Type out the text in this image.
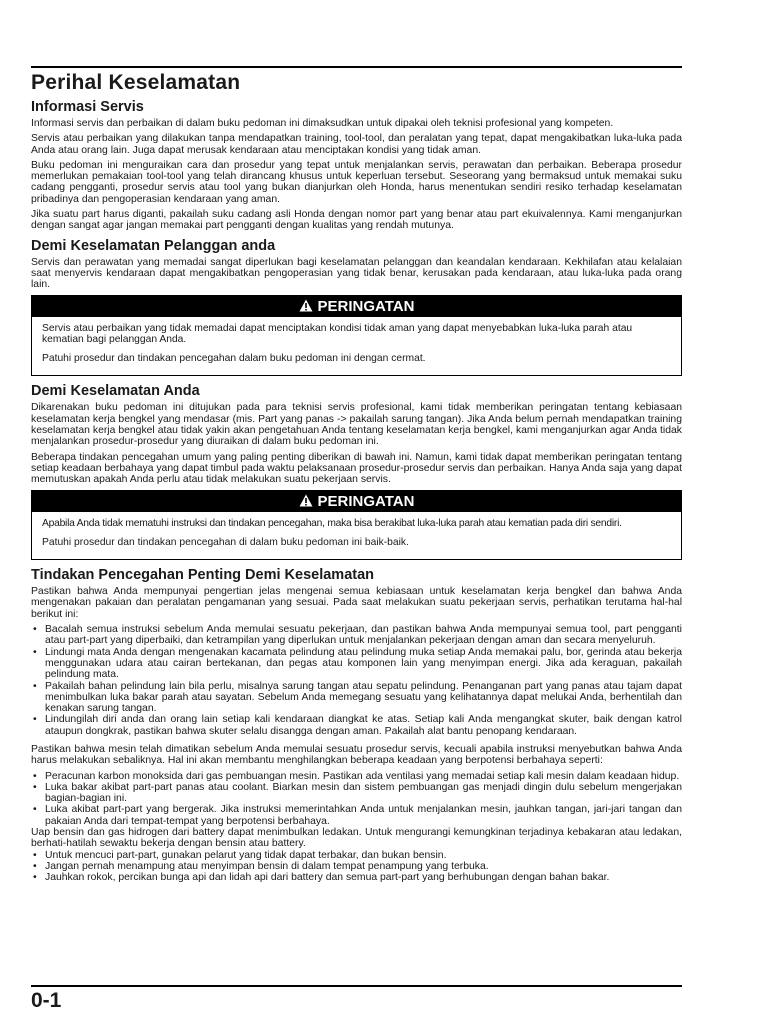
Perihal Keselamatan
Informasi Servis

Informasi servis dan perbaikan di dalam buku pedoman ini dimaksudkan untuk dipakai oleh teknisi profesional yang kompeten.

Servis atau perbaikan yang dilakukan tanpa mendapatkan training, tool-tool, dan peralatan yang tepat, dapat mengakibatkan luka-luka pada Anda atau orang lain. Juga dapat merusak kendaraan atau menciptakan kondisi yang tidak aman.

Buku pedoman ini menguraikan cara dan prosedur yang tepat untuk menjalankan servis, perawatan dan perbaikan. Beberapa prosedur memerlukan pemakaian tool-tool yang telah dirancang khusus untuk keperluan tersebut. Seseorang yang bermaksud untuk memakai suku cadang pengganti, prosedur servis atau tool yang bukan dianjurkan oleh Honda, harus menentukan sendiri resiko terhadap keselamatan pribadinya dan pengoperasian kendaraan yang aman.

Jika suatu part harus diganti, pakailah suku cadang asli Honda dengan nomor part yang benar atau part ekuivalennya. Kami menganjurkan dengan sangat agar jangan memakai part pengganti dengan kualitas yang rendah mutunya.

Demi Keselamatan Pelanggan anda

Servis dan perawatan yang memadai sangat diperlukan bagi keselamatan pelanggan dan keandalan kendaraan. Kekhilafan atau kelalaian saat menyervis kendaraan dapat mengakibatkan pengoperasian yang tidak benar, kerusakan pada kendaraan, atau luka-luka pada orang lain.

PERINGATAN

Servis atau perbaikan yang tidak memadai dapat menciptakan kondisi tidak aman yang dapat menyebabkan luka-luka parah atau kematian bagi pelanggan Anda.

Patuhi prosedur dan tindakan pencegahan dalam buku pedoman ini dengan cermat.

Demi Keselamatan Anda

Dikarenakan buku pedoman ini ditujukan pada para teknisi servis profesional, kami tidak memberikan peringatan tentang kebiasaan keselamatan kerja bengkel yang mendasar (mis. Part yang panas -> pakailah sarung tangan). Jika Anda belum pernah mendapatkan training keselamatan kerja bengkel atau tidak yakin akan pengetahuan Anda tentang keselamatan kerja bengkel, kami menganjurkan agar Anda tidak menjalankan prosedur-prosedur yang diuraikan di dalam buku pedoman ini.

Beberapa tindakan pencegahan umum yang paling penting diberikan di bawah ini. Namun, kami tidak dapat memberikan peringatan tentang setiap keadaan berbahaya yang dapat timbul pada waktu pelaksanaan prosedur-prosedur servis dan perbaikan. Hanya Anda saja yang dapat memutuskan apakah Anda perlu atau tidak melakukan suatu pekerjaan servis.

PERINGATAN

Apabila Anda tidak mematuhi instruksi dan tindakan pencegahan, maka bisa berakibat luka-luka parah atau kematian pada diri sendiri.

Patuhi prosedur dan tindakan pencegahan di dalam buku pedoman ini baik-baik.

Tindakan Pencegahan Penting Demi Keselamatan

Pastikan bahwa Anda mempunyai pengertian jelas mengenai semua kebiasaan untuk keselamatan kerja bengkel dan bahwa Anda mengenakan pakaian dan peralatan pengamanan yang sesuai. Pada saat melakukan suatu pekerjaan servis, perhatikan terutama hal-hal berikut ini:

• Bacalah semua instruksi sebelum Anda memulai sesuatu pekerjaan, dan pastikan bahwa Anda mempunyai semua tool, part pengganti atau part-part yang diperbaiki, dan ketrampilan yang diperlukan untuk menjalankan pekerjaan dengan aman dan secara menyeluruh.
• Lindungi mata Anda dengan mengenakan kacamata pelindung atau pelindung muka setiap Anda memakai palu, bor, gerinda atau bekerja menggunakan udara atau cairan bertekanan, dan pegas atau komponen lain yang menyimpan energi. Jika ada keraguan, pakailah pelindung mata.
• Pakailah bahan pelindung lain bila perlu, misalnya sarung tangan atau sepatu pelindung. Penanganan part yang panas atau tajam dapat menimbulkan luka bakar parah atau sayatan. Sebelum Anda memegang sesuatu yang kelihatannya dapat melukai Anda, berhentilah dan kenakan sarung tangan.
• Lindungilah diri anda dan orang lain setiap kali kendaraan diangkat ke atas. Setiap kali Anda mengangkat skuter, baik dengan katrol ataupun dongkrak, pastikan bahwa skuter selalu disangga dengan aman. Pakailah alat bantu penopang kendaraan.

Pastikan bahwa mesin telah dimatikan sebelum Anda memulai sesuatu prosedur servis, kecuali apabila instruksi menyebutkan bahwa Anda harus melakukan sebaliknya. Hal ini akan membantu menghilangkan beberapa keadaan yang berpotensi berbahaya seperti:

• Peracunan karbon monoksida dari gas pembuangan mesin. Pastikan ada ventilasi yang memadai setiap kali mesin dalam keadaan hidup.
• Luka bakar akibat part-part panas atau coolant. Biarkan mesin dan sistem pembuangan gas menjadi dingin dulu sebelum mengerjakan bagian-bagian ini.
• Luka akibat part-part yang bergerak. Jika instruksi memerintahkan Anda untuk menjalankan mesin, jauhkan tangan, jari-jari tangan dan pakaian Anda dari tempat-tempat yang berpotensi berbahaya.

Uap bensin dan gas hidrogen dari battery dapat menimbulkan ledakan. Untuk mengurangi kemungkinan terjadinya kebakaran atau ledakan, berhati-hatilah sewaktu bekerja dengan bensin atau battery.

• Untuk mencuci part-part, gunakan pelarut yang tidak dapat terbakar, dan bukan bensin.
• Jangan pernah menampung atau menyimpan bensin di dalam tempat penampung yang terbuka.
• Jauhkan rokok, percikan bunga api dan lidah api dari battery dan semua part-part yang berhubungan dengan bahan bakar.
0-1
